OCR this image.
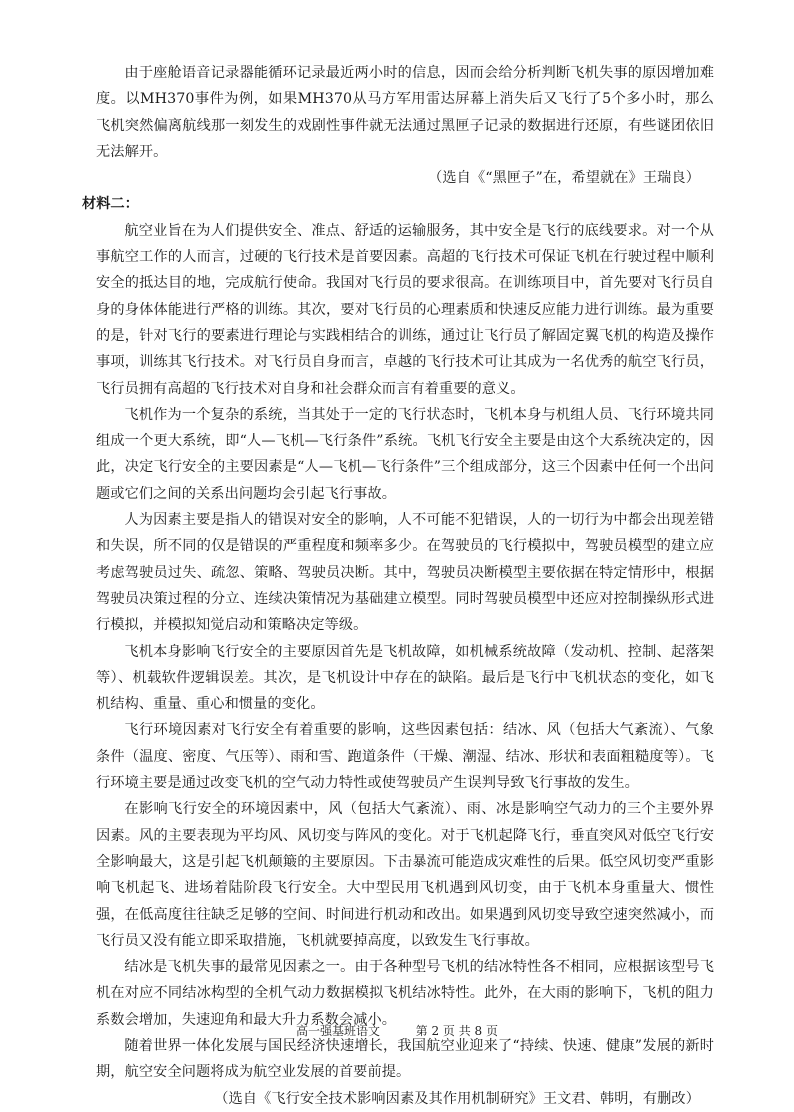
由于座舱语音记录器能循环记录最近两小时的信息，因而会给分析判断飞机失事的原因增加难度。以MH370事件为例，如果MH370从马方军用雷达屏幕上消失后又飞行了5个多小时，那么飞机突然偏离航线那一刻发生的戏剧性事件就无法通过黑匣子记录的数据进行还原，有些谜团依旧无法解开。

（选自《“黑匣子”在，希望就在》王瑞良）

材料二：

航空业旨在为人们提供安全、准点、舒适的运输服务，其中安全是飞行的底线要求。对一个从事航空工作的人而言，过硬的飞行技术是首要因素。高超的飞行技术可保证飞机在行驶过程中顺利安全的抵达目的地，完成航行使命。我国对飞行员的要求很高。在训练项目中，首先要对飞行员自身的身体体能进行严格的训练。其次，要对飞行员的心理素质和快速反应能力进行训练。最为重要的是，针对飞行的要素进行理论与实践相结合的训练，通过让飞行员了解固定翼飞机的构造及操作事项，训练其飞行技术。对飞行员自身而言，卓越的飞行技术可让其成为一名优秀的航空飞行员，飞行员拥有高超的飞行技术对自身和社会群众而言有着重要的意义。

飞机作为一个复杂的系统，当其处于一定的飞行状态时，飞机本身与机组人员、飞行环境共同组成一个更大系统，即“人—飞机—飞行条件”系统。飞机飞行安全主要是由这个大系统决定的，因此，决定飞行安全的主要因素是“人—飞机—飞行条件”三个组成部分，这三个因素中任何一个出问题或它们之间的关系出问题均会引起飞行事故。

人为因素主要是指人的错误对安全的影响，人不可能不犯错误，人的一切行为中都会出现差错和失误，所不同的仅是错误的严重程度和频率多少。在驾驶员的飞行模拟中，驾驶员模型的建立应考虑驾驶员过失、疏忽、策略、驾驶员决断。其中，驾驶员决断模型主要依据在特定情形中，根据驾驶员决策过程的分立、连续决策情况为基础建立模型。同时驾驶员模型中还应对控制操纵形式进行模拟，并模拟知觉启动和策略决定等级。

飞机本身影响飞行安全的主要原因首先是飞机故障，如机械系统故障（发动机、控制、起落架等）、机载软件逻辑误差。其次，是飞机设计中存在的缺陷。最后是飞行中飞机状态的变化，如飞机结构、重量、重心和惯量的变化。

飞行环境因素对飞行安全有着重要的影响，这些因素包括：结冰、风（包括大气紊流）、气象条件（温度、密度、气压等）、雨和雪、跑道条件（干燥、潮湿、结冰、形状和表面粗糙度等）。飞行环境主要是通过改变飞机的空气动力特性或使驾驶员产生误判导致飞行事故的发生。

在影响飞行安全的环境因素中，风（包括大气紊流）、雨、冰是影响空气动力的三个主要外界因素。风的主要表现为平均风、风切变与阵风的变化。对于飞机起降飞行，垂直突风对低空飞行安全影响最大，这是引起飞机颠簸的主要原因。下击暴流可能造成灾难性的后果。低空风切变严重影响飞机起飞、进场着陆阶段飞行安全。大中型民用飞机遇到风切变，由于飞机本身重量大、惯性强，在低高度往往缺乏足够的空间、时间进行机动和改出。如果遇到风切变导致空速突然减小，而飞行员又没有能立即采取措施，飞机就要掉高度，以致发生飞行事故。

结冰是飞机失事的最常见因素之一。由于各种型号飞机的结冰特性各不相同，应根据该型号飞机在对应不同结冰构型的全机气动力数据模拟飞机结冰特性。此外，在大雨的影响下，飞机的阻力系数会增加，失速迎角和最大升力系数会减小。

随着世界一体化发展与国民经济快速增长，我国航空业迎来了“持续、快速、健康”发展的新时期，航空安全问题将成为航空业发展的首要前提。

（选自《飞行安全技术影响因素及其作用机制研究》王文君、韩明，有删改）

高一强基班语文	第 2 页 共 8 页
